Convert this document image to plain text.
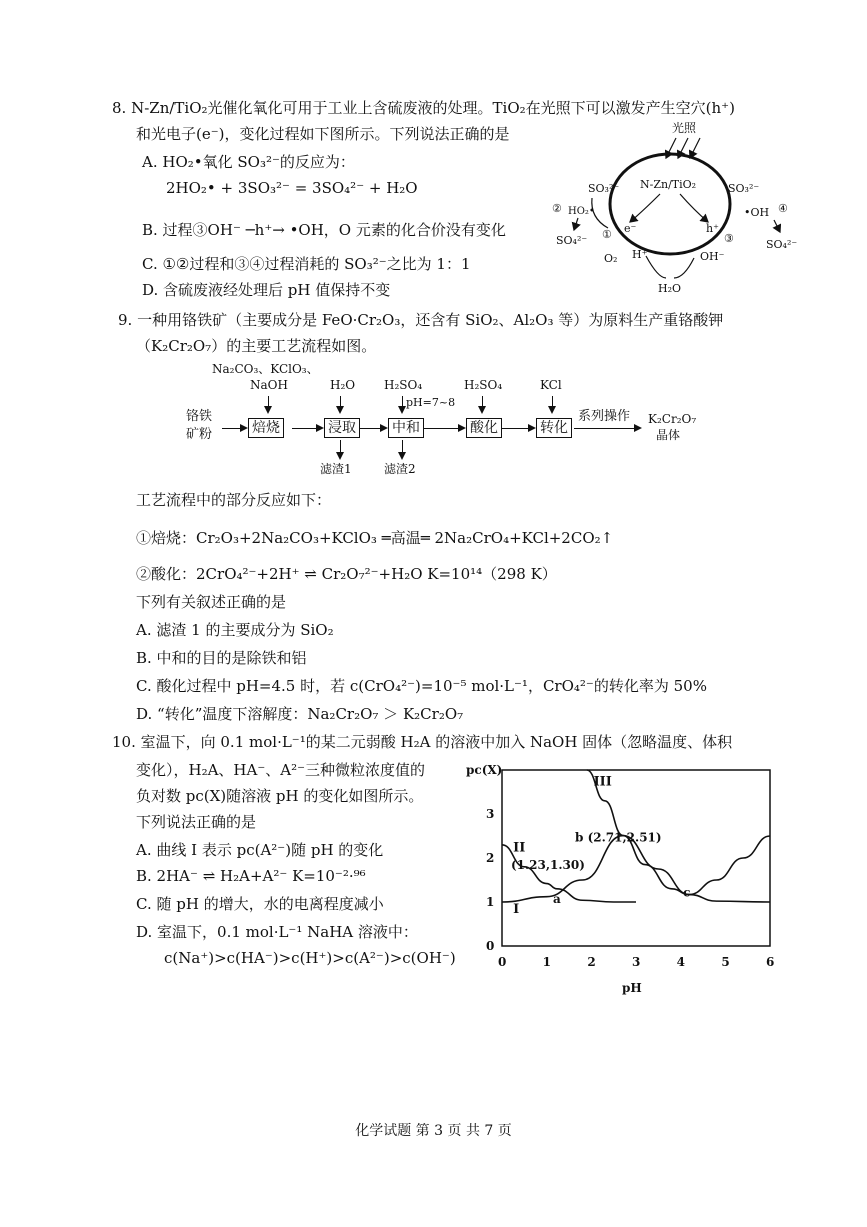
8. N-Zn/TiO₂光催化氧化可用于工业上含硫废液的处理。TiO₂在光照下可以激发产生空穴(h⁺)
和光电子(e⁻)，变化过程如下图所示。下列说法正确的是
A. HO₂•氧化 SO₃²⁻的反应为：
2HO₂• + 3SO₃²⁻ = 3SO₄²⁻ + H₂O
B. 过程③OH⁻ ─h⁺→ •OH，O 元素的化合价没有变化
C. ①②过程和③④过程消耗的 SO₃²⁻之比为 1：1
D. 含硫废液经处理后 pH 值保持不变
光照
N-Zn/TiO₂
e⁻	h⁺
SO₃²⁻
HO₂•
②
SO₄²⁻ ①
O₂ H⁺	OH⁻
H₂O
③
SO₃²⁻
•OH ④
SO₄²⁻
9. 一种用铬铁矿（主要成分是 FeO·Cr₂O₃，还含有 SiO₂、Al₂O₃ 等）为原料生产重铬酸钾
（K₂Cr₂O₇）的主要工艺流程如图。
Na₂CO₃、KClO₃、
NaOH	H₂O H₂SO₄
pH=7~8
H₂SO₄	KCl
铬铁
矿粉	焙烧	浸取	中和	酸化	转化
系列操作 K₂Cr₂O₇
晶体
滤渣1	滤渣2
工艺流程中的部分反应如下：
①焙烧：Cr₂O₃+2Na₂CO₃+KClO₃ ═高温═ 2Na₂CrO₄+KCl+2CO₂↑
②酸化：2CrO₄²⁻+2H⁺ ⇌ Cr₂O₇²⁻+H₂O K=10¹⁴（298 K）
下列有关叙述正确的是
A. 滤渣 1 的主要成分为 SiO₂
B. 中和的目的是除铁和铝
C. 酸化过程中 pH=4.5 时，若 c(CrO₄²⁻)=10⁻⁵ mol·L⁻¹，CrO₄²⁻的转化率为 50%
D. “转化”温度下溶解度：Na₂Cr₂O₇ ＞ K₂Cr₂O₇
10. 室温下，向 0.1 mol·L⁻¹的某二元弱酸 H₂A 的溶液中加入 NaOH 固体（忽略温度、体积
变化），H₂A、HA⁻、A²⁻三种微粒浓度值的
负对数 pc(X)随溶液 pH 的变化如图所示。
下列说法正确的是
A. 曲线 I 表示 pc(A²⁻)随 pH 的变化
B. 2HA⁻ ⇌ H₂A+A²⁻ K=10⁻²·⁹⁶
C. 随 pH 的增大，水的电离程度减小
D. 室温下，0.1 mol·L⁻¹ NaHA 溶液中：
c(Na⁺)>c(HA⁻)>c(H⁺)>c(A²⁻)>c(OH⁻)
pc(X)
pH
0	1	2	3	4	5	6
0
1
2
3
I
II
III
(1.23,1.30)
a
b (2.71,2.51)
c
化学试题 第 3 页 共 7 页
